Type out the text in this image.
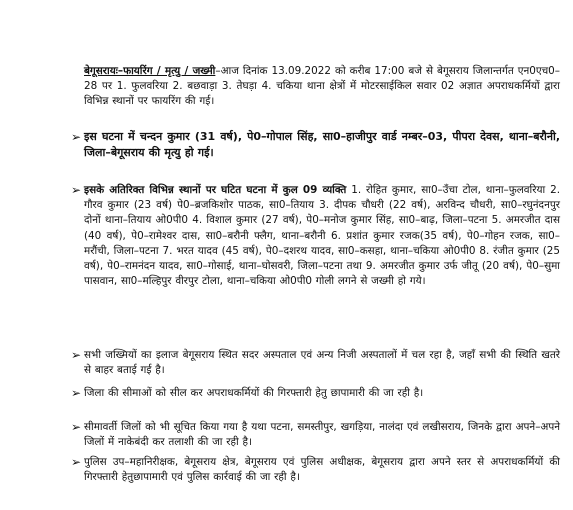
बेगूसरायः–फायरिंग / मृत्यु / जख्मी–आज दिनांक 13.09.2022 को करीब 17:00 बजे से बेगूसराय जिलान्तर्गत एन0एच0–28 पर 1. फुलवरिया 2. बछवाड़ा 3. तेघड़ा 4. चकिया थाना क्षेत्रों में मोटरसाईकिल सवार 02 अज्ञात अपराधकर्मियों द्वारा विभिन्न स्थानों पर फायरिंग की गई।
➢ इस घटना में चन्दन कुमार (31 वर्ष), पे0–गोपाल सिंह, सा0–हाजीपुर वार्ड नम्बर–03, पीपरा देवस, थाना–बरौनी, जिला–बेगूसराय की मृत्यु हो गई।
➢ इसके अतिरिक्त विभिन्न स्थानों पर घटित घटना में कुल 09 व्यक्ति 1. रोहित कुमार, सा0–उँचा टोल, थाना–फुलवरिया 2. गौरव कुमार (23 वर्ष) पे0–ब्रजकिशोर पाठक, सा0–तियाय 3. दीपक चौधरी (22 वर्ष), अरविन्द चौधरी, सा0–रघुनंदनपुर दोनों थाना–तियाय ओ0पी0 4. विशाल कुमार (27 वर्ष), पे0–मनोज कुमार सिंह, सा0–बाढ़, जिला–पटना 5. अमरजीत दास (40 वर्ष), पे0–रामेश्वर दास, सा0–बरौनी फ्लैग, थाना–बरौनी 6. प्रशांत कुमार रजक(35 वर्ष), पे0–गोहन रजक, सा0–मरौंची, जिला–पटना 7. भरत यादव (45 वर्ष), पे0–दशरथ यादव, सा0–कसहा, थाना–चकिया ओ0पी0 8. रंजीत कुमार (25 वर्ष), पे0–रामनंदन यादव, सा0–गोसाई, थाना–घोसवरी, जिला–पटना तथा 9. अमरजीत कुमार उर्फ जीतू (20 वर्ष), पे0–सुमा पासवान, सा0–मल्हिपुर वीरपुर टोला, थाना–चकिया ओ0पी0 गोली लगने से जख्मी हो गये।
➢ सभी जख्मियों का इलाज बेगूसराय स्थित सदर अस्पताल एवं अन्य निजी अस्पतालों में चल रहा है, जहाँ सभी की स्थिति खतरे से बाहर बताई गई है।
➢ जिला की सीमाओं को सील कर अपराधकर्मियों की गिरफ्तारी हेतु छापामारी की जा रही है।
➢ सीमावर्ती जिलों को भी सूचित किया गया है यथा पटना, समस्तीपुर, खगड़िया, नालंदा एवं लखीसराय, जिनके द्वारा अपने–अपने जिलों में नाकेबंदी कर तलाशी की जा रही है।
➢ पुलिस उप–महानिरीक्षक, बेगूसराय क्षेत्र, बेगूसराय एवं पुलिस अधीक्षक, बेगूसराय द्वारा अपने स्तर से अपराधकर्मियों की गिरफ्तारी हेतुछापामारी एवं पुलिस कार्रवाई की जा रही है।
